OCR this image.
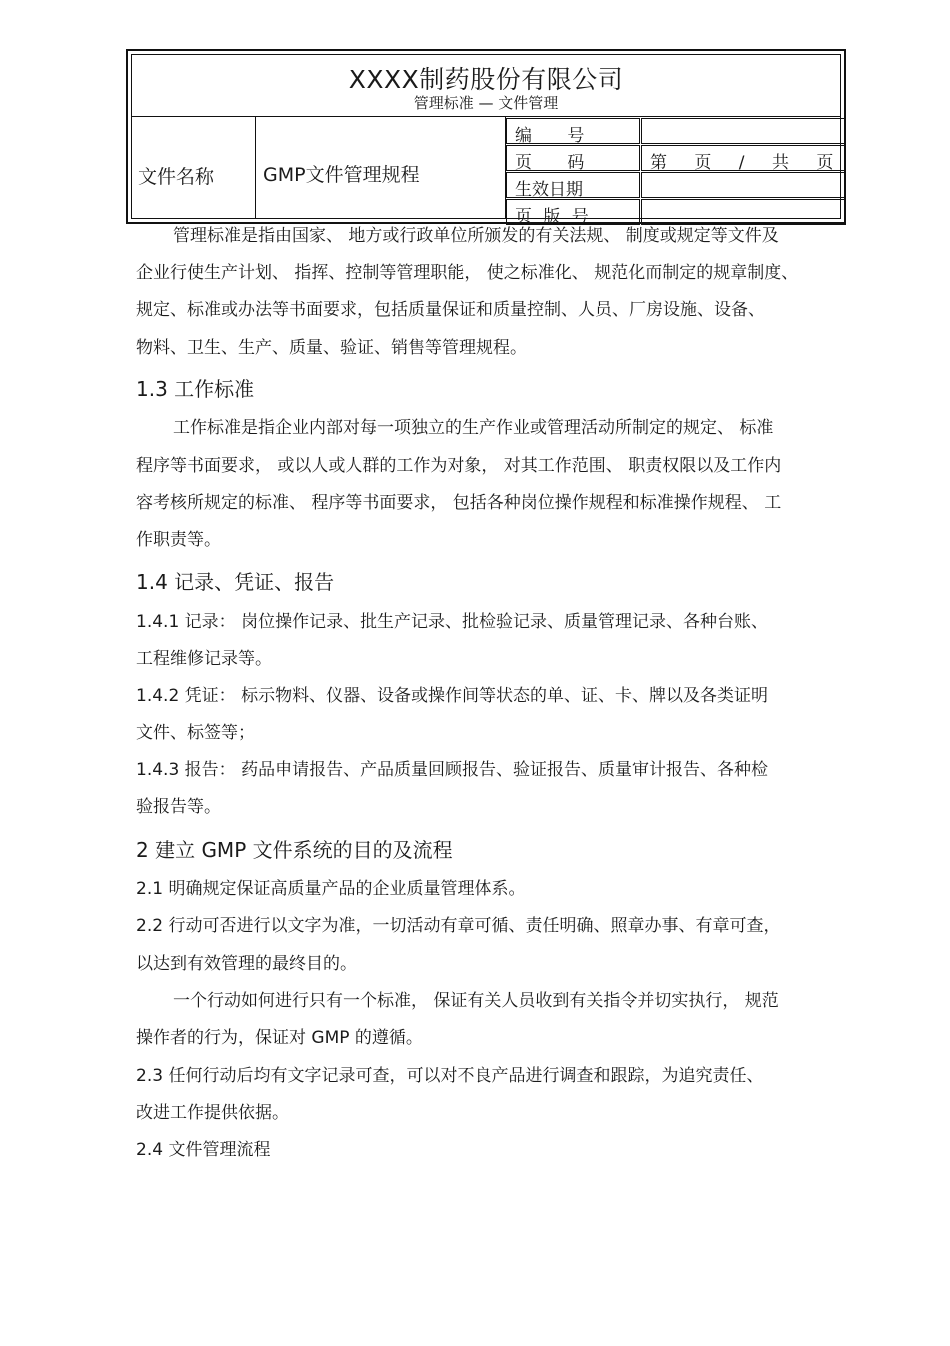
XXXX制药股份有限公司
管理标准 — 文件管理
文件名称	GMP文件管理规程
编 号
页 码
生效日期
页 版 号
第 页 / 共 页
管理标准是指由国家、 地方或行政单位所颁发的有关法规、 制度或规定等文件及
企业行使生产计划、 指挥、控制等管理职能， 使之标准化、 规范化而制定的规章制度、
规定、标准或办法等书面要求，包括质量保证和质量控制、人员、厂房设施、设备、
物料、卫生、生产、质量、验证、销售等管理规程。
1.3 工作标准
工作标准是指企业内部对每一项独立的生产作业或管理活动所制定的规定、 标准
程序等书面要求， 或以人或人群的工作为对象， 对其工作范围、 职责权限以及工作内
容考核所规定的标准、 程序等书面要求， 包括各种岗位操作规程和标准操作规程、 工
作职责等。
1.4 记录、凭证、报告
1.4.1 记录： 岗位操作记录、批生产记录、批检验记录、质量管理记录、各种台账、
工程维修记录等。
1.4.2 凭证： 标示物料、仪器、设备或操作间等状态的单、证、卡、牌以及各类证明
文件、标签等；
1.4.3 报告： 药品申请报告、产品质量回顾报告、验证报告、质量审计报告、各种检
验报告等。
2 建立 GMP 文件系统的目的及流程
2.1 明确规定保证高质量产品的企业质量管理体系。
2.2 行动可否进行以文字为准，一切活动有章可循、责任明确、照章办事、有章可查，
以达到有效管理的最终目的。
一个行动如何进行只有一个标准， 保证有关人员收到有关指令并切实执行， 规范
操作者的行为，保证对 GMP 的遵循。
2.3 任何行动后均有文字记录可查，可以对不良产品进行调查和跟踪，为追究责任、
改进工作提供依据。
2.4 文件管理流程
